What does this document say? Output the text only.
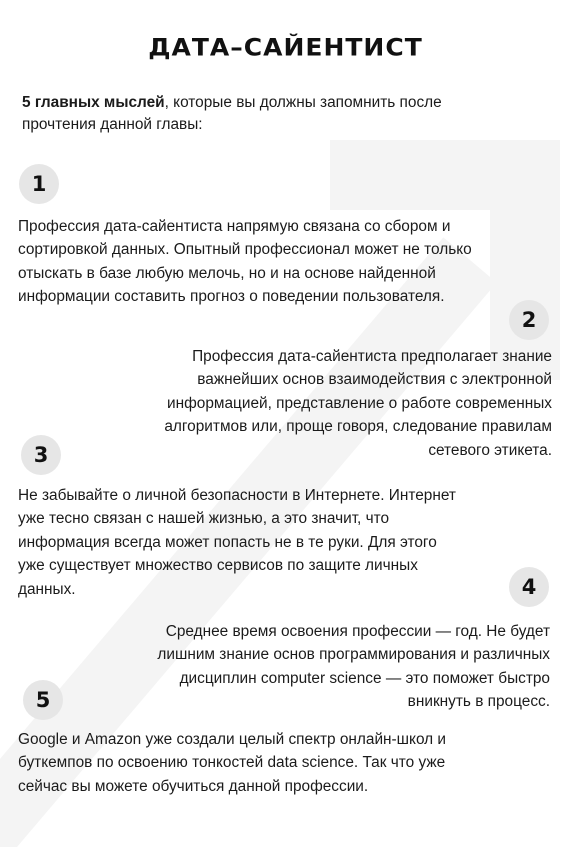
ДАТА–САЙЕНТИСТ
5 главных мыслей, которые вы должны запомнить после прочтения данной главы:
1
Профессия дата-сайентиста напрямую связана со сбором и сортировкой данных. Опытный профессионал может не только отыскать в базе любую мелочь, но и на основе найденной информации составить прогноз о поведении пользователя.
2
Профессия дата-сайентиста предполагает знание важнейших основ взаимодействия с электронной информацией, представление о работе современных алгоритмов или, проще говоря, следование правилам сетевого этикета.
3
Не забывайте о личной безопасности в Интернете. Интернет уже тесно связан с нашей жизнью, а это значит, что информация всегда может попасть не в те руки. Для этого уже существует множество сервисов по защите личных данных.	4
Среднее время освоения профессии — год. Не будет лишним знание основ программирования и различных дисциплин computer science — это поможет быстро вникнуть в процесс.
5
Google и Amazon уже создали целый спектр онлайн-школ и буткемпов по освоению тонкостей data science. Так что уже сейчас вы можете обучиться данной профессии.
